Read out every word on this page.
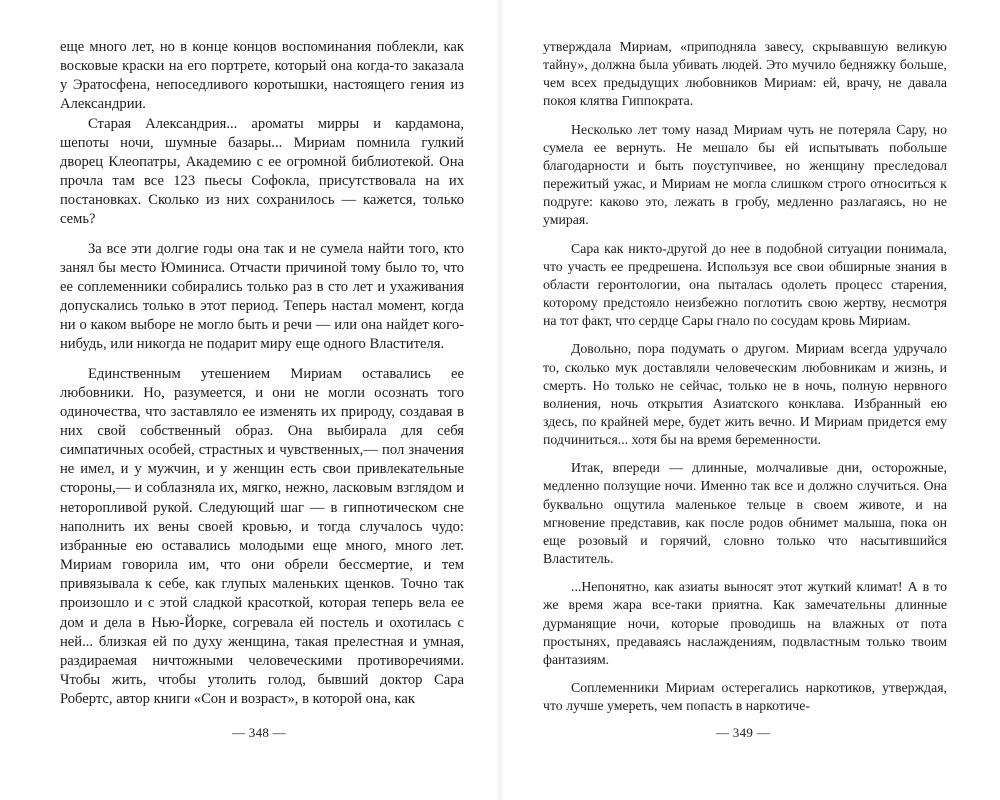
еще много лет, но в конце концов воспоминания поблекли, как восковые краски на его портрете, который она когда-то заказала у Эратосфена, непоседливого коротышки, настоящего гения из Александрии.

Старая Александрия... ароматы мирры и кардамона, шепоты ночи, шумные базары... Мириам помнила гулкий дворец Клеопатры, Академию с ее огромной библиотекой. Она прочла там все 123 пьесы Софокла, присутствовала на их постановках. Сколько из них сохранилось — кажется, только семь?

За все эти долгие годы она так и не сумела найти того, кто занял бы место Юминиса. Отчасти причиной тому было то, что ее соплеменники собирались только раз в сто лет и ухаживания допускались только в этот период. Теперь настал момент, когда ни о каком выборе не могло быть и речи — или она найдет кого-нибудь, или никогда не подарит миру еще одного Властителя.

Единственным утешением Мириам оставались ее любовники. Но, разумеется, и они не могли осознать того одиночества, что заставляло ее изменять их природу, создавая в них свой собственный образ. Она выбирала для себя симпатичных особей, страстных и чувственных,— пол значения не имел, и у мужчин, и у женщин есть свои привлекательные стороны,— и соблазняла их, мягко, нежно, ласковым взглядом и неторопливой рукой. Следующий шаг — в гипнотическом сне наполнить их вены своей кровью, и тогда случалось чудо: избранные ею оставались молодыми еще много, много лет. Мириам говорила им, что они обрели бессмертие, и тем привязывала к себе, как глупых маленьких щенков. Точно так произошло и с этой сладкой красоткой, которая теперь вела ее дом и дела в Нью-Йорке, согревала ей постель и охотилась с ней... близкая ей по духу женщина, такая прелестная и умная, раздираемая ничтожными человеческими противоречиями. Чтобы жить, чтобы утолить голод, бывший доктор Сара Робертс, автор книги «Сон и возраст», в которой она, как

— 348 —

утверждала Мириам, «приподняла завесу, скрывавшую великую тайну», должна была убивать людей. Это мучило бедняжку больше, чем всех предыдущих любовников Мириам: ей, врачу, не давала покоя клятва Гиппократа.

Несколько лет тому назад Мириам чуть не потеряла Сару, но сумела ее вернуть. Не мешало бы ей испытывать побольше благодарности и быть поуступчивее, но женщину преследовал пережитый ужас, и Мириам не могла слишком строго относиться к подруге: каково это, лежать в гробу, медленно разлагаясь, но не умирая.

Сара как никто-другой до нее в подобной ситуации понимала, что участь ее предрешена. Используя все свои обширные знания в области геронтологии, она пыталась одолеть процесс старения, которому предстояло неизбежно поглотить свою жертву, несмотря на тот факт, что сердце Сары гнало по сосудам кровь Мириам.

Довольно, пора подумать о другом. Мириам всегда удручало то, сколько мук доставляли человеческим любовникам и жизнь, и смерть. Но только не сейчас, только не в ночь, полную нервного волнения, ночь открытия Азиатского конклава. Избранный ею здесь, по крайней мере, будет жить вечно. И Мириам придется ему подчиниться... хотя бы на время беременности.

Итак, впереди — длинные, молчаливые дни, осторожные, медленно ползущие ночи. Именно так все и должно случиться. Она буквально ощутила маленькое тельце в своем животе, и на мгновение представив, как после родов обнимет малыша, пока он еще розовый и горячий, словно только что насытившийся Властитель.

...Непонятно, как азиаты выносят этот жуткий климат! А в то же время жара все-таки приятна. Как замечательны длинные дурманящие ночи, которые проводишь на влажных от пота простынях, предаваясь наслаждениям, подвластным только твоим фантазиям.

Соплеменники Мириам остерегались наркотиков, утверждая, что лучше умереть, чем попасть в наркотиче-

— 349 —
